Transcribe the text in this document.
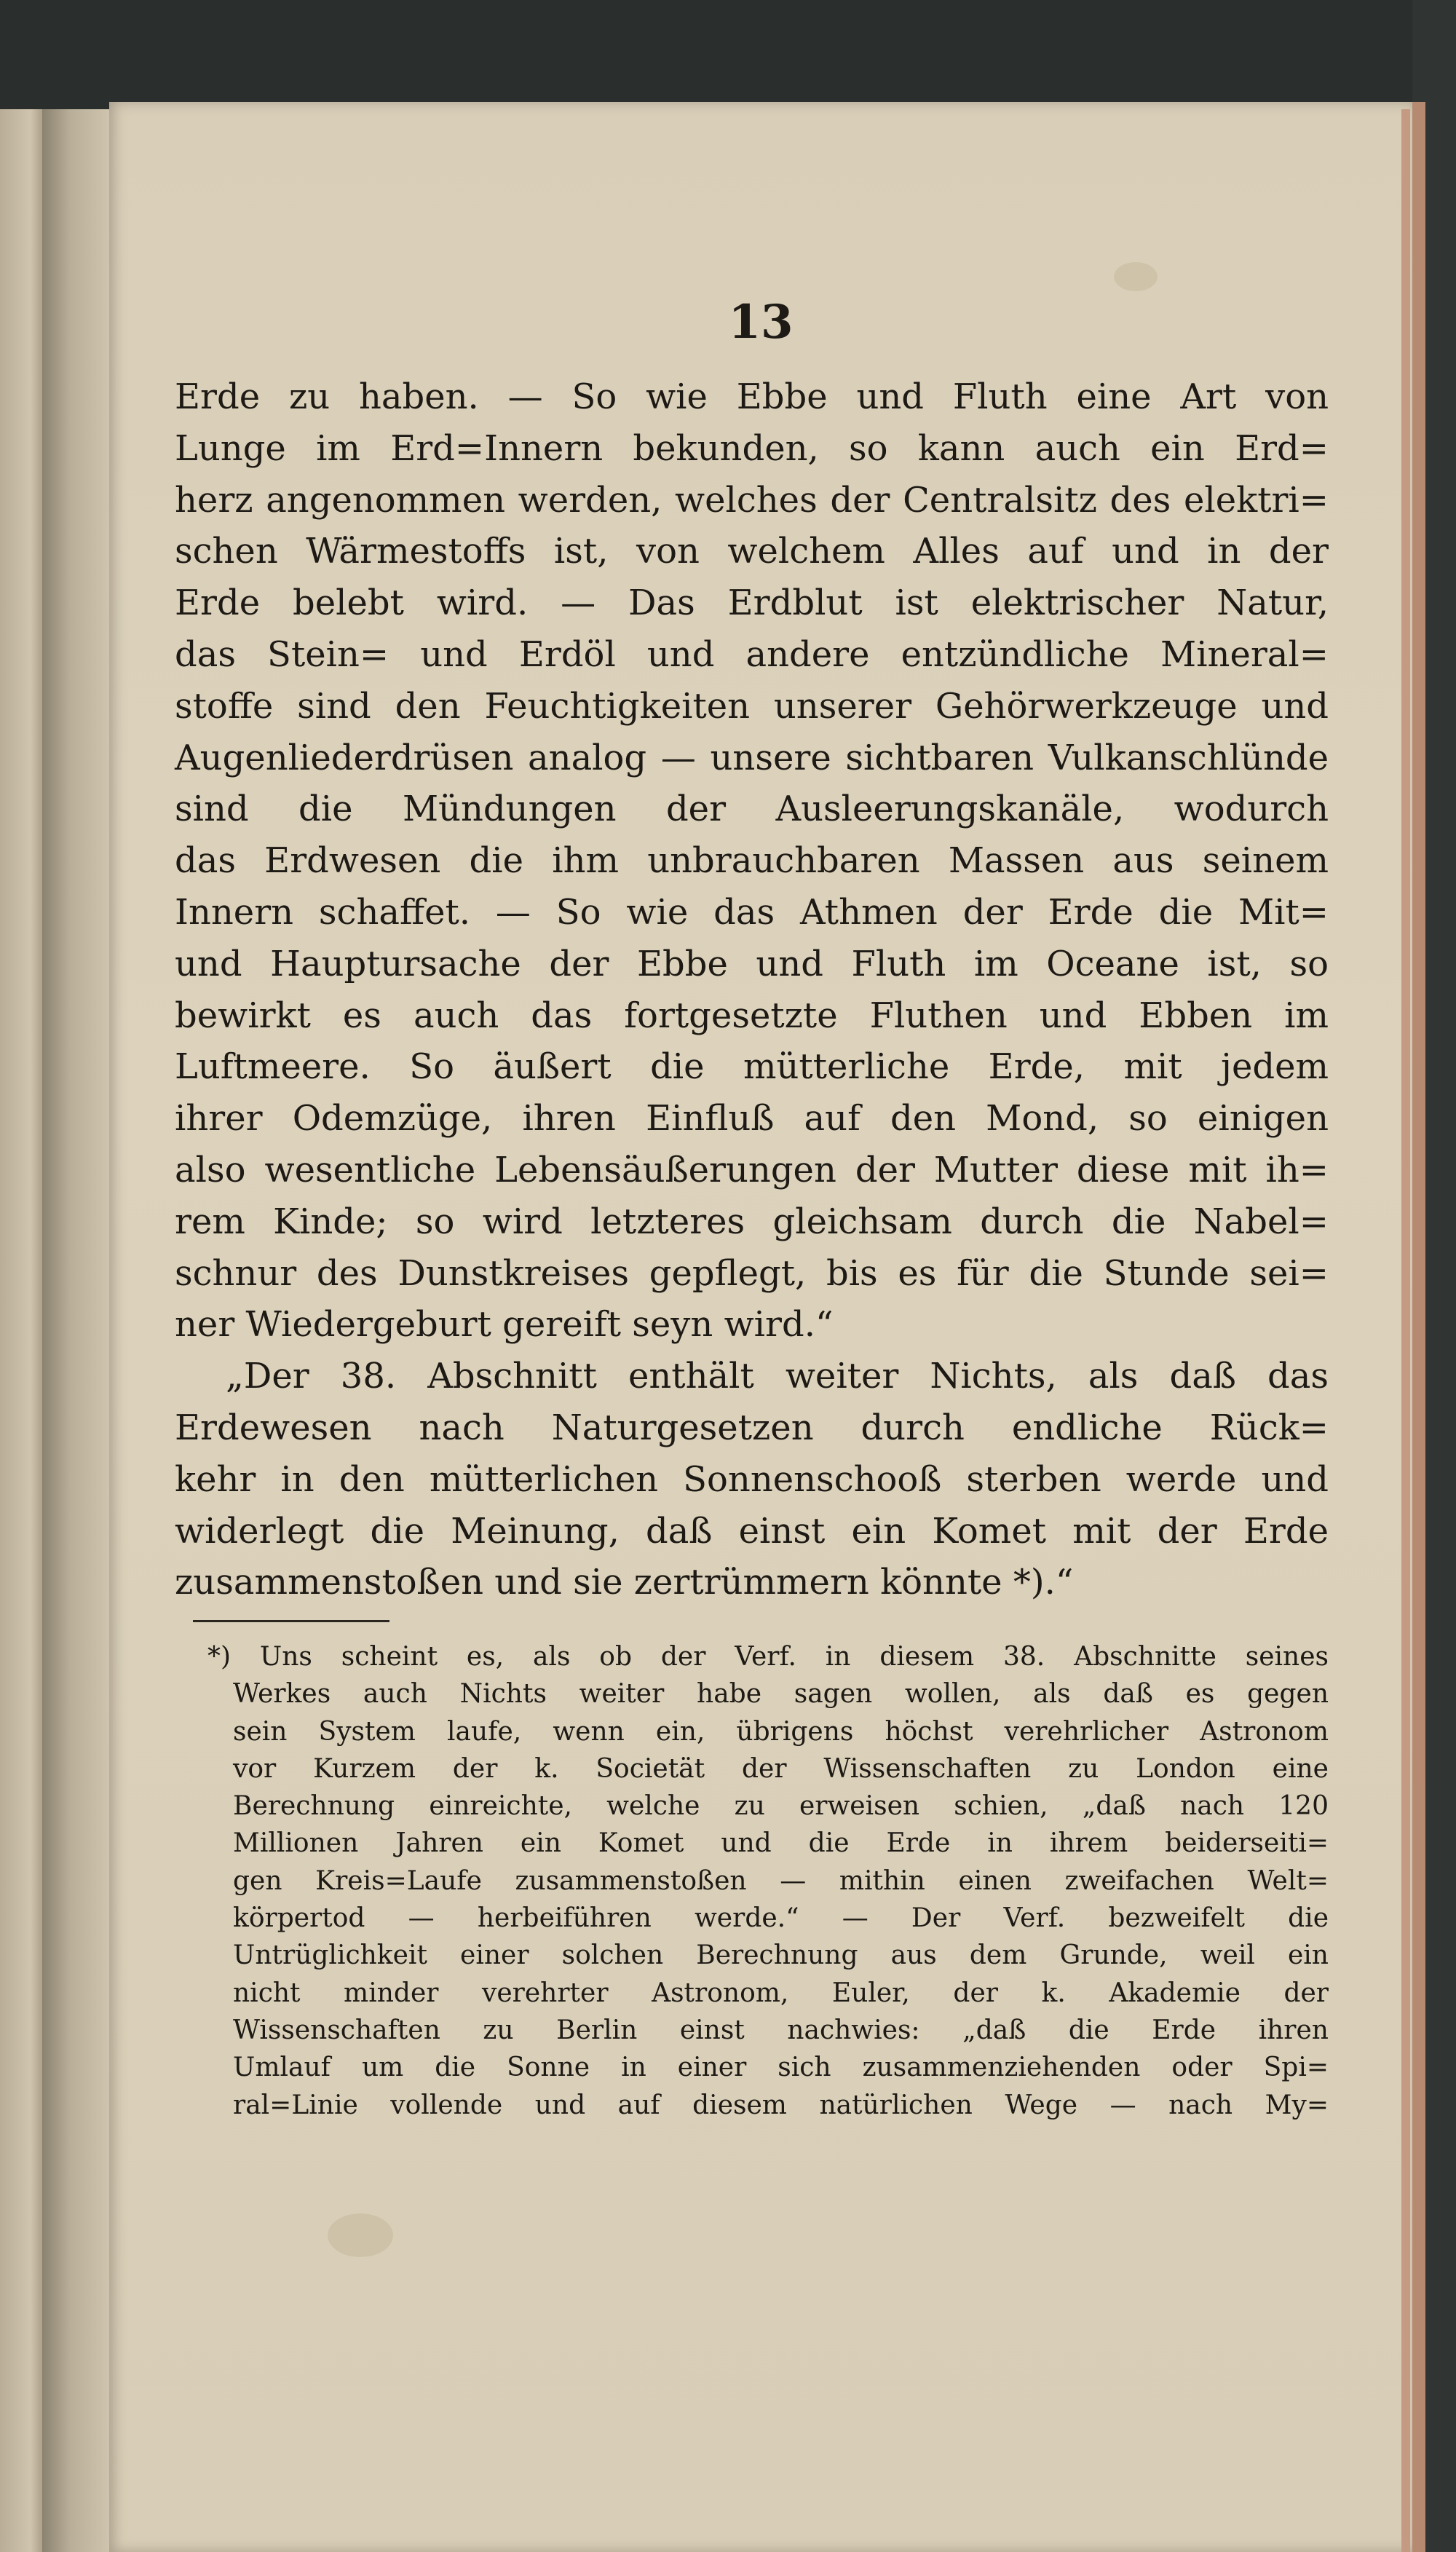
13
Erde zu haben. — So wie Ebbe und Fluth eine Art von
Lunge im Erd=Innern bekunden, so kann auch ein Erd=
herz angenommen werden, welches der Centralsitz des elektri=
schen Wärmestoffs ist, von welchem Alles auf und in der
Erde belebt wird. — Das Erdblut ist elektrischer Natur,
das Stein= und Erdöl und andere entzündliche Mineral=
stoffe sind den Feuchtigkeiten unserer Gehörwerkzeuge und
Augenliederdrüsen analog — unsere sichtbaren Vulkanschlünde
sind die Mündungen der Ausleerungskanäle, wodurch
das Erdwesen die ihm unbrauchbaren Massen aus seinem
Innern schaffet. — So wie das Athmen der Erde die Mit=
und Hauptursache der Ebbe und Fluth im Oceane ist, so
bewirkt es auch das fortgesetzte Fluthen und Ebben im
Luftmeere. So äußert die mütterliche Erde, mit jedem
ihrer Odemzüge, ihren Einfluß auf den Mond, so einigen
also wesentliche Lebensäußerungen der Mutter diese mit ih=
rem Kinde; so wird letzteres gleichsam durch die Nabel=
schnur des Dunstkreises gepflegt, bis es für die Stunde sei=
ner Wiedergeburt gereift seyn wird.“
„Der 38. Abschnitt enthält weiter Nichts, als daß das
Erdewesen nach Naturgesetzen durch endliche Rück=
kehr in den mütterlichen Sonnenschooß sterben werde und
widerlegt die Meinung, daß einst ein Komet mit der Erde
zusammenstoßen und sie zertrümmern könnte *).“
*) Uns scheint es, als ob der Verf. in diesem 38. Abschnitte seines
Werkes auch Nichts weiter habe sagen wollen, als daß es gegen
sein System laufe, wenn ein, übrigens höchst verehrlicher Astronom
vor Kurzem der k. Societät der Wissenschaften zu London eine
Berechnung einreichte, welche zu erweisen schien, „daß nach 120
Millionen Jahren ein Komet und die Erde in ihrem beiderseiti=
gen Kreis=Laufe zusammenstoßen — mithin einen zweifachen Welt=
körpertod — herbeiführen werde.“ — Der Verf. bezweifelt die
Untrüglichkeit einer solchen Berechnung aus dem Grunde, weil ein
nicht minder verehrter Astronom, Euler, der k. Akademie der
Wissenschaften zu Berlin einst nachwies: „daß die Erde ihren
Umlauf um die Sonne in einer sich zusammenziehenden oder Spi=
ral=Linie vollende und auf diesem natürlichen Wege — nach My=
